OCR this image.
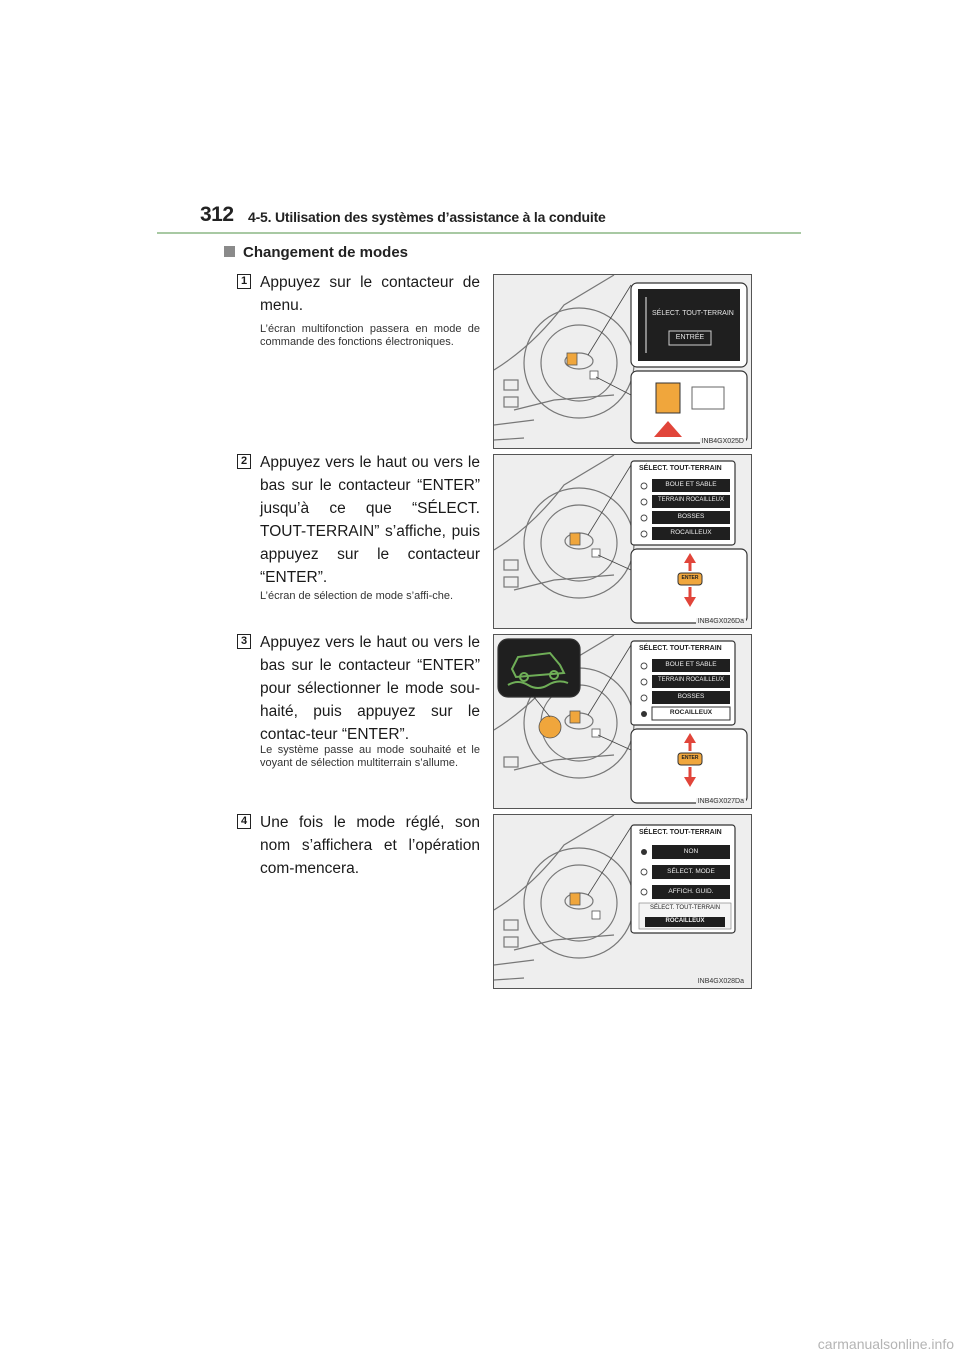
312 4-5. Utilisation des systèmes d’assistance à la conduite
Changement de modes
1 Appuyez sur le contacteur de menu.
L’écran multifonction passera en mode de commande des fonctions électroniques.
SÉLECT. TOUT-TERRAIN
ENTRÉE
INB4GX025D
2 Appuyez vers le haut ou vers le bas sur le contacteur “ENTER” jusqu’à ce que “SÉLECT. TOUT-TERRAIN” s’affiche, puis appuyez sur le contacteur “ENTER”.
L’écran de sélection de mode s’affi-che.
SÉLECT. TOUT-TERRAIN
BOUE ET SABLE
TERRAIN ROCAILLEUX
BOSSES
ROCAILLEUX
ENTER
INB4GX026Da
3 Appuyez vers le haut ou vers le bas sur le contacteur “ENTER” pour sélectionner le mode sou-haité, puis appuyez sur le contac-teur “ENTER”.
Le système passe au mode souhaité et le voyant de sélection multiterrain s’allume.
SÉLECT. TOUT-TERRAIN
BOUE ET SABLE
TERRAIN ROCAILLEUX
BOSSES
ROCAILLEUX
ENTER
INB4GX027Da
4 Une fois le mode réglé, son nom s’affichera et l’opération com-mencera.
SÉLECT. TOUT-TERRAIN
NON
SÉLECT. MODE
AFFICH. GUID.
SÉLECT. TOUT-TERRAIN
ROCAILLEUX
INB4GX028Da
carmanualsonline.info
